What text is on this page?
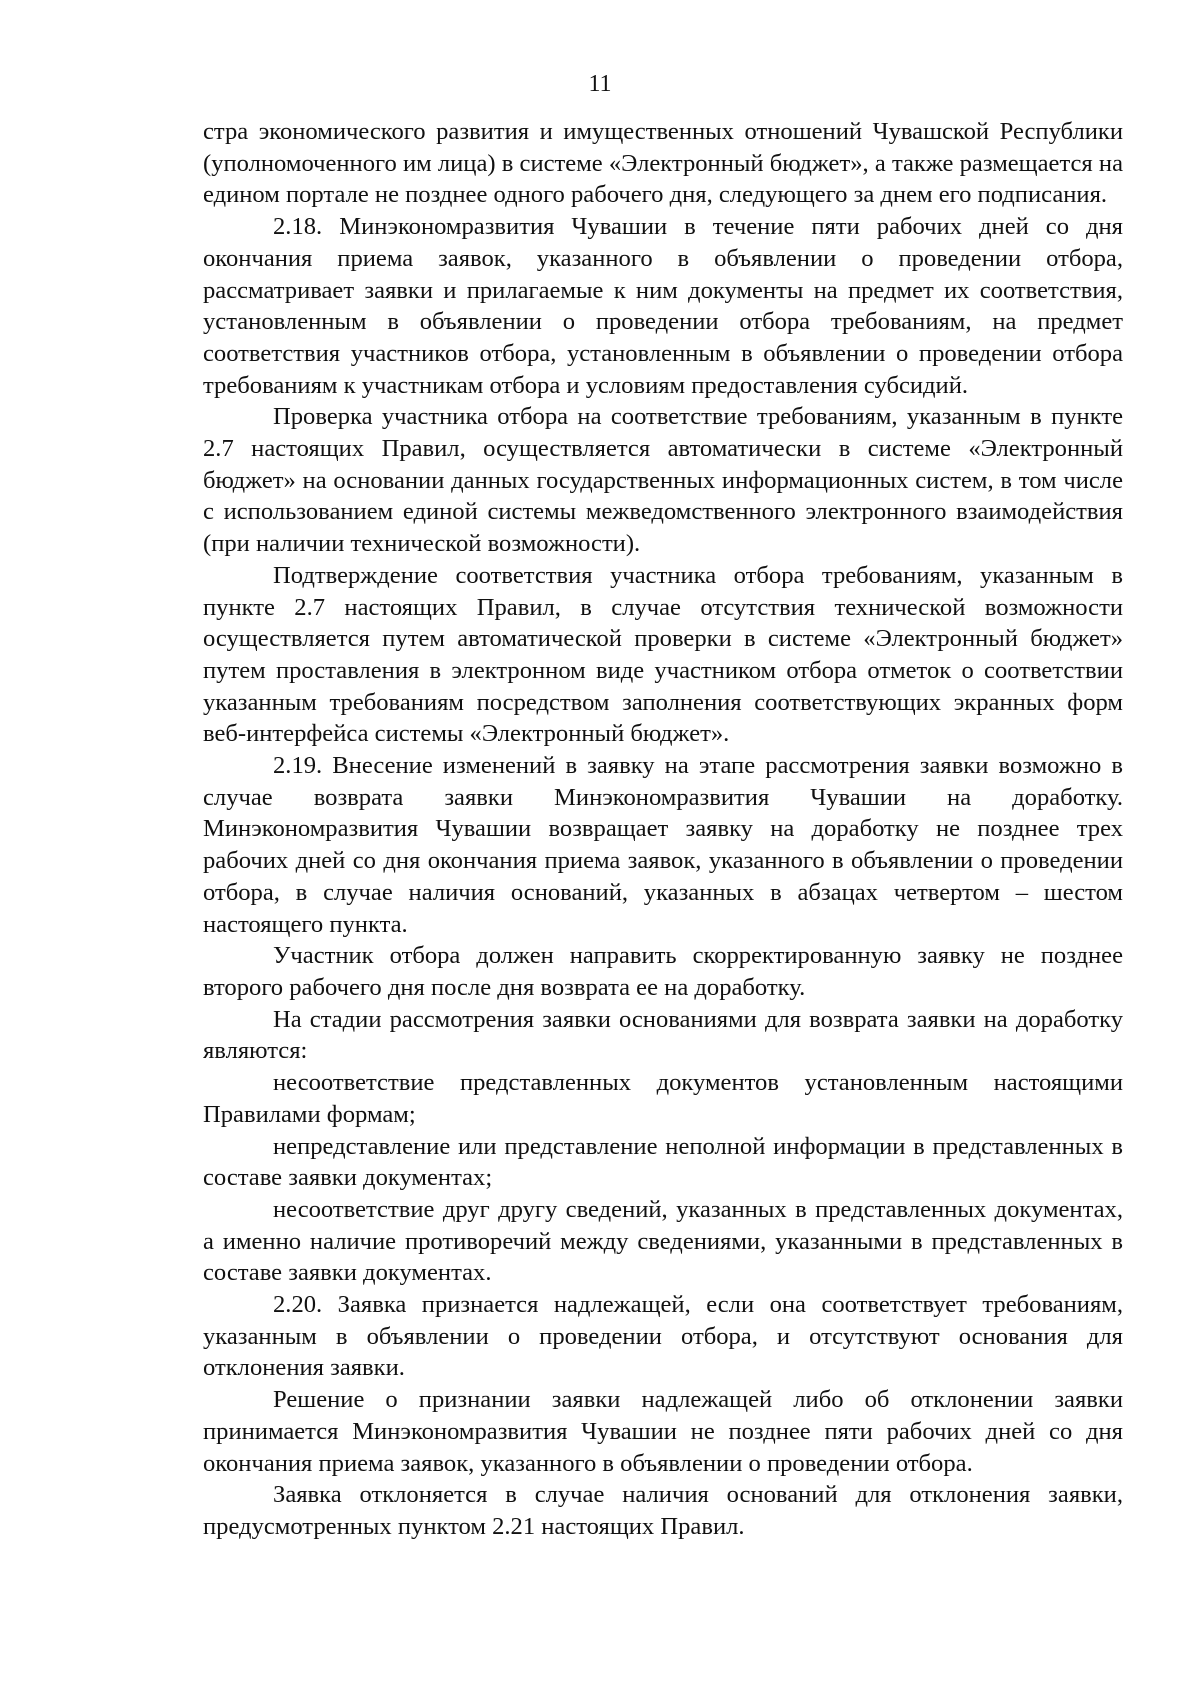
11

стра экономического развития и имущественных отношений Чувашской Республики (уполномоченного им лица) в системе «Электронный бюджет», а также размещается на едином портале не позднее одного рабочего дня, следующего за днем его подписания.

2.18. Минэкономразвития Чувашии в течение пяти рабочих дней со дня окончания приема заявок, указанного в объявлении о проведении отбора, рассматривает заявки и прилагаемые к ним документы на предмет их соответствия, установленным в объявлении о проведении отбора требованиям, на предмет соответствия участников отбора, установленным в объявлении о проведении отбора требованиям к участникам отбора и условиям предоставления субсидий.

Проверка участника отбора на соответствие требованиям, указанным в пункте 2.7 настоящих Правил, осуществляется автоматически в системе «Электронный бюджет» на основании данных государственных информационных систем, в том числе с использованием единой системы межведомственного электронного взаимодействия (при наличии технической возможности).

Подтверждение соответствия участника отбора требованиям, указанным в пункте 2.7 настоящих Правил, в случае отсутствия технической возможности осуществляется путем автоматической проверки в системе «Электронный бюджет» путем проставления в электронном виде участником отбора отметок о соответствии указанным требованиям посредством заполнения соответствующих экранных форм веб-интерфейса системы «Электронный бюджет».

2.19. Внесение изменений в заявку на этапе рассмотрения заявки возможно в случае возврата заявки Минэкономразвития Чувашии на доработку. Минэкономразвития Чувашии возвращает заявку на доработку не позднее трех рабочих дней со дня окончания приема заявок, указанного в объявлении о проведении отбора, в случае наличия оснований, указанных в абзацах четвертом – шестом настоящего пункта.

Участник отбора должен направить скорректированную заявку не позднее второго рабочего дня после дня возврата ее на доработку.

На стадии рассмотрения заявки основаниями для возврата заявки на доработку являются:

несоответствие представленных документов установленным настоящими Правилами формам;

непредставление или представление неполной информации в представленных в составе заявки документах;

несоответствие друг другу сведений, указанных в представленных документах, а именно наличие противоречий между сведениями, указанными в представленных в составе заявки документах.

2.20. Заявка признается надлежащей, если она соответствует требованиям, указанным в объявлении о проведении отбора, и отсутствуют основания для отклонения заявки.

Решение о признании заявки надлежащей либо об отклонении заявки принимается Минэкономразвития Чувашии не позднее пяти рабочих дней со дня окончания приема заявок, указанного в объявлении о проведении отбора.

Заявка отклоняется в случае наличия оснований для отклонения заявки, предусмотренных пунктом 2.21 настоящих Правил.
